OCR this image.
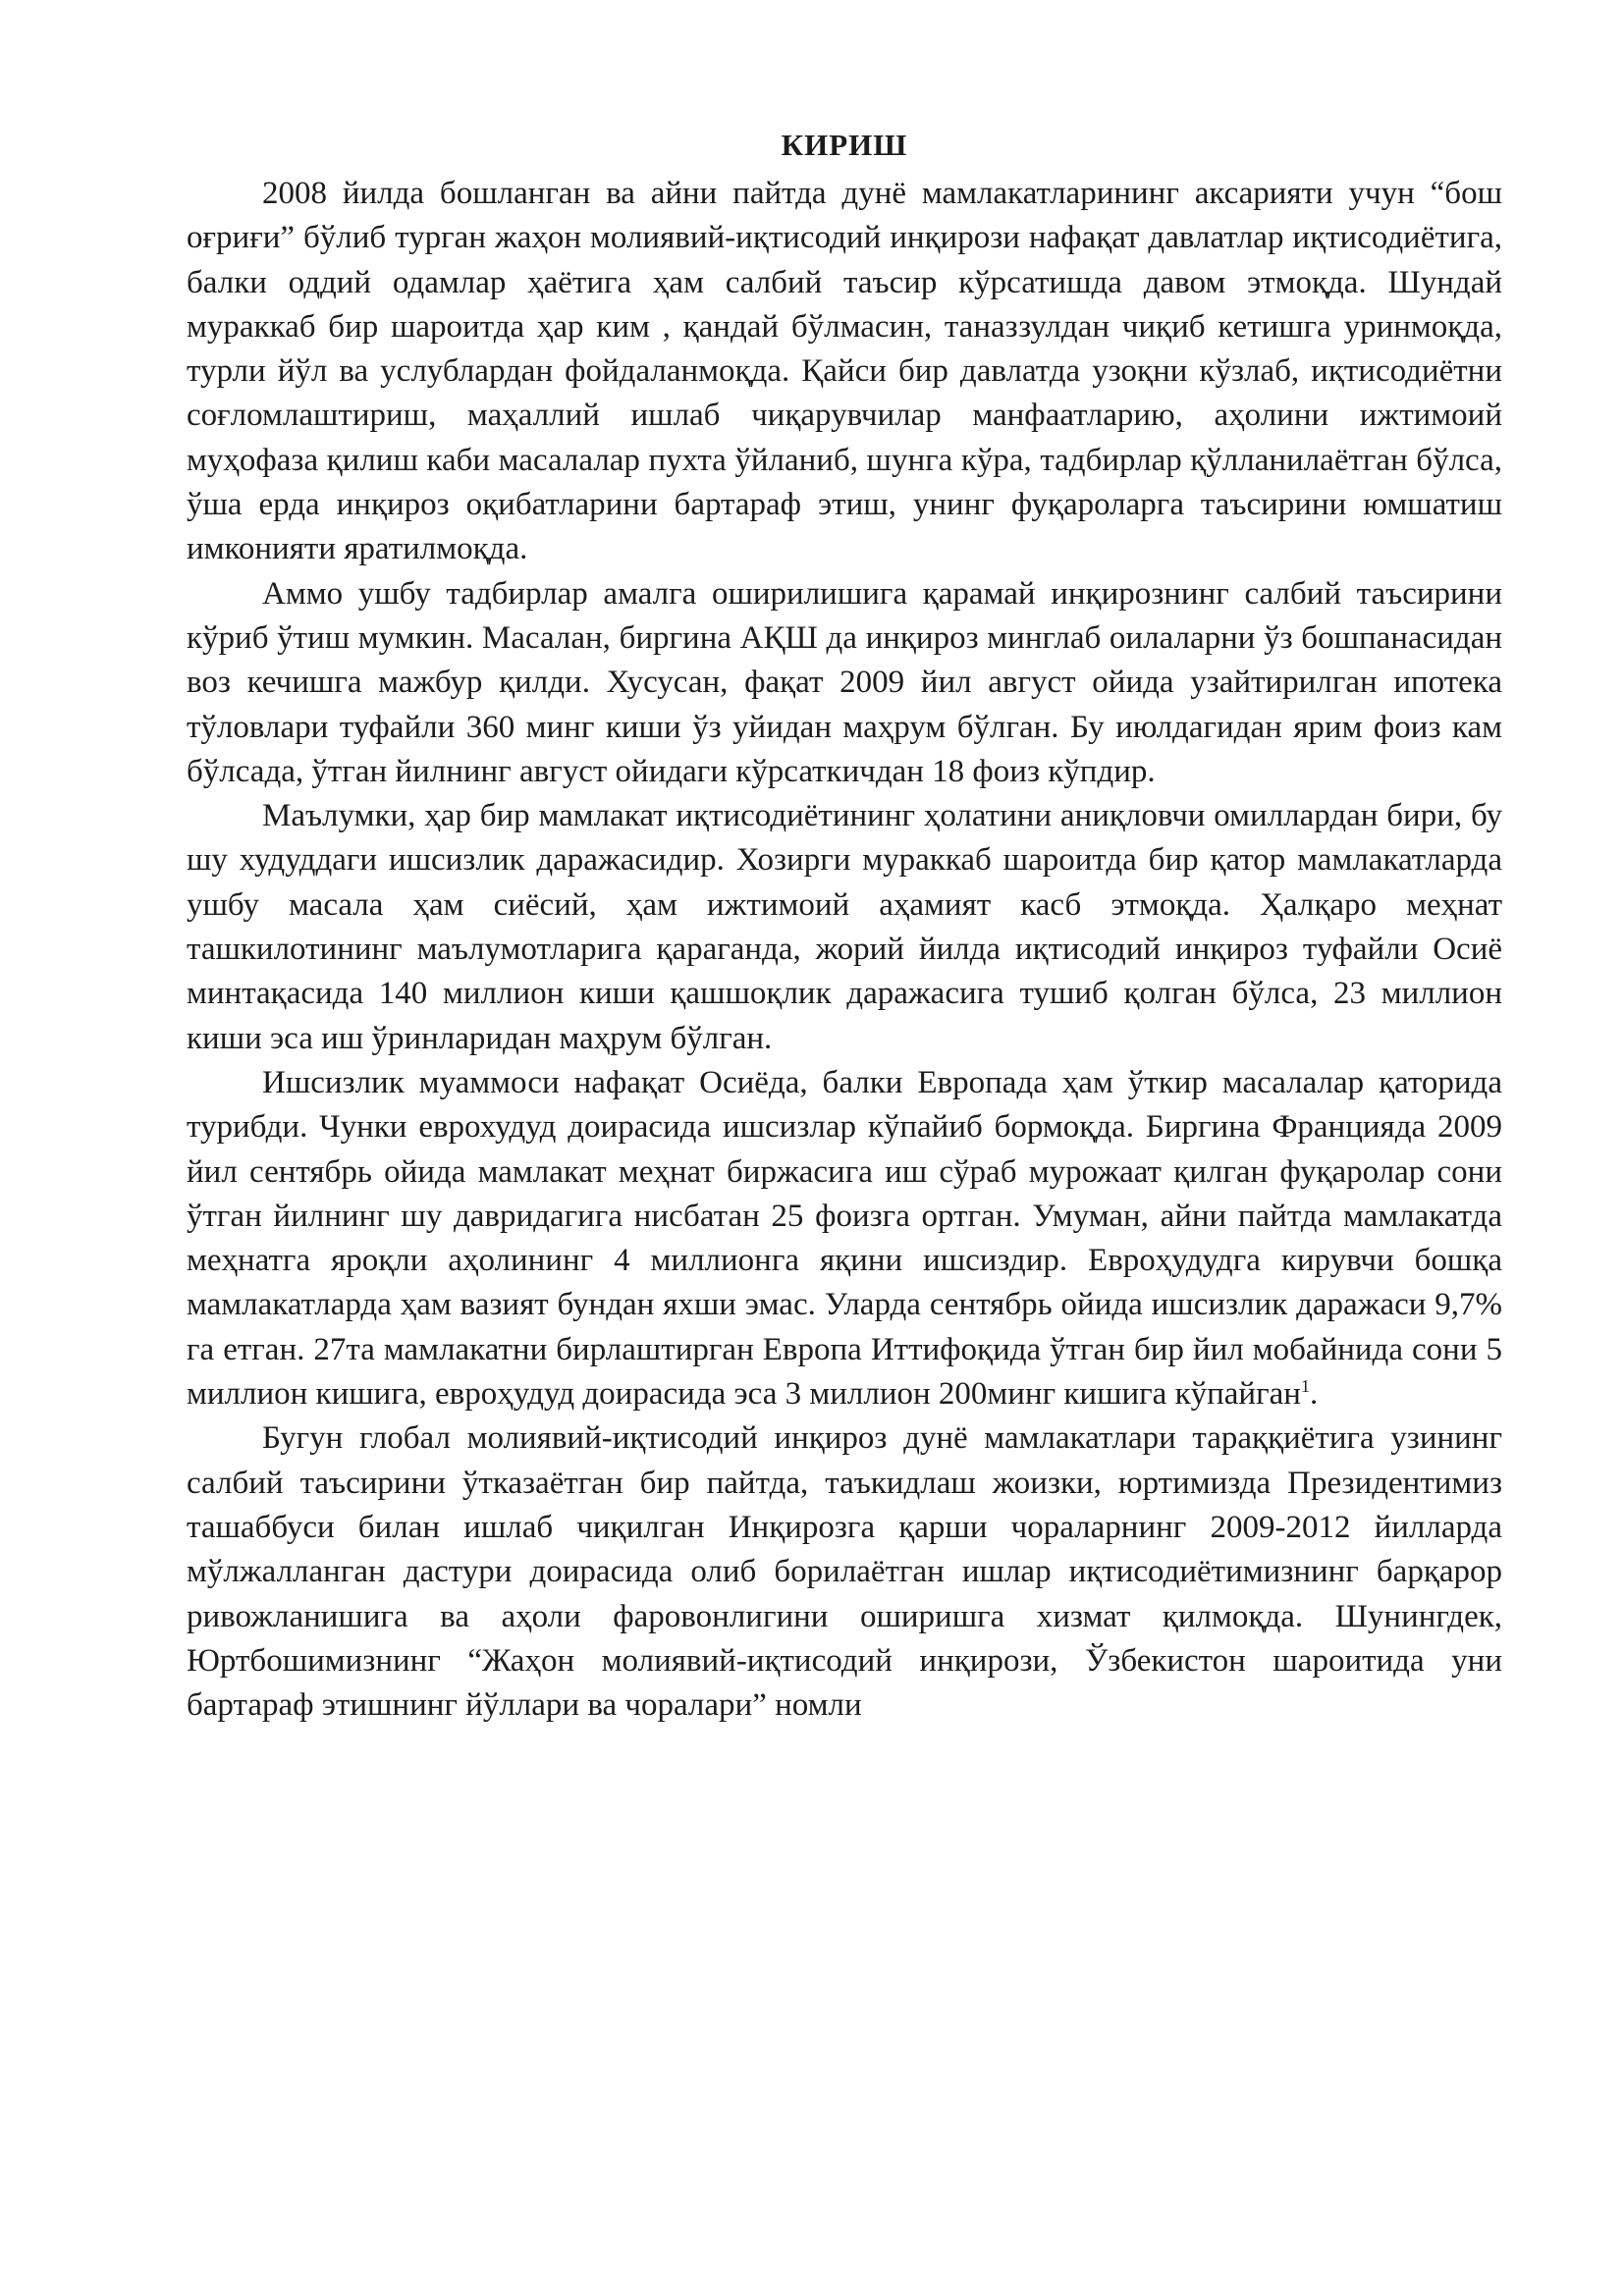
КИРИШ

2008 йилда бошланган ва айни пайтда дунё мамлакатларининг аксарияти учун “бош оғриғи” бўлиб турган жаҳон молиявий-иқтисодий инқирози нафақат давлатлар иқтисодиётига, балки оддий одамлар ҳаётига ҳам салбий таъсир кўрсатишда давом этмоқда. Шундай мураккаб бир шароитда ҳар ким , қандай бўлмасин, таназзулдан чиқиб кетишга уринмоқда, турли йўл ва услублардан фойдаланмоқда. Қайси бир давлатда узоқни кўзлаб, иқтисодиётни соғломлаштириш, маҳаллий ишлаб чиқарувчилар манфаатларию, аҳолини ижтимоий муҳофаза қилиш каби масалалар пухта ўйланиб, шунга кўра, тадбирлар қўлланилаётган бўлса, ўша ерда инқироз оқибатларини бартараф этиш, унинг фуқароларга таъсирини юмшатиш имконияти яратилмоқда.

Аммо ушбу тадбирлар амалга оширилишига қарамай инқирознинг салбий таъсирини кўриб ўтиш мумкин. Масалан, биргина АҚШ да инқироз минглаб оилаларни ўз бошпанасидан воз кечишга мажбур қилди. Хусусан, фақат 2009 йил август ойида узайтирилган ипотека тўловлари туфайли 360 минг киши ўз уйидан маҳрум бўлган. Бу июлдагидан ярим фоиз кам бўлсада, ўтган йилнинг август ойидаги кўрсаткичдан 18 фоиз кўпдир.

Маълумки, ҳар бир мамлакат иқтисодиётининг ҳолатини аниқловчи омиллардан бири, бу шу худуддаги ишсизлик даражасидир. Хозирги мураккаб шароитда бир қатор мамлакатларда ушбу масала ҳам сиёсий, ҳам ижтимоий аҳамият касб этмоқда. Ҳалқаро меҳнат ташкилотининг маълумотларига қараганда, жорий йилда иқтисодий инқироз туфайли Осиё минтақасида 140 миллион киши қашшоқлик даражасига тушиб қолган бўлса, 23 миллион киши эса иш ўринларидан маҳрум бўлган.

Ишсизлик муаммоси нафақат Осиёда, балки Европада ҳам ўткир масалалар қаторида турибди. Чунки еврохудуд доирасида ишсизлар кўпайиб бормоқда. Биргина Францияда 2009 йил сентябрь ойида мамлакат меҳнат биржасига иш сўраб мурожаат қилган фуқаролар сони ўтган йилнинг шу давридагига нисбатан 25 фоизга ортган. Умуман, айни пайтда мамлакатда меҳнатга яроқли аҳолининг 4 миллионга яқини ишсиздир. Евроҳудудга кирувчи бошқа мамлакатларда ҳам вазият бундан яхши эмас. Уларда сентябрь ойида ишсизлик даражаси 9,7% га етган. 27та мамлакатни бирлаштирган Европа Иттифоқида ўтган бир йил мобайнида сони 5 миллион кишига, евроҳудуд доирасида эса 3 миллион 200минг кишига кўпайган$^1$.

Бугун глобал молиявий-иқтисодий инқироз дунё мамлакатлари тараққиётига узининг салбий таъсирини ўтказаётган бир пайтда, таъкидлаш жоизки, юртимизда Президентимиз ташаббуси билан ишлаб чиқилган Инқирозга қарши чораларнинг 2009-2012 йилларда мўлжалланган дастури доирасида олиб борилаётган ишлар иқтисодиётимизнинг барқарор ривожланишига ва аҳоли фаровонлигини оширишга хизмат қилмоқда. Шунингдек, Юртбошимизнинг “Жаҳон молиявий-иқтисодий инқирози, Ўзбекистон шароитида уни бартараф этишнинг йўллари ва чоралари” номли
